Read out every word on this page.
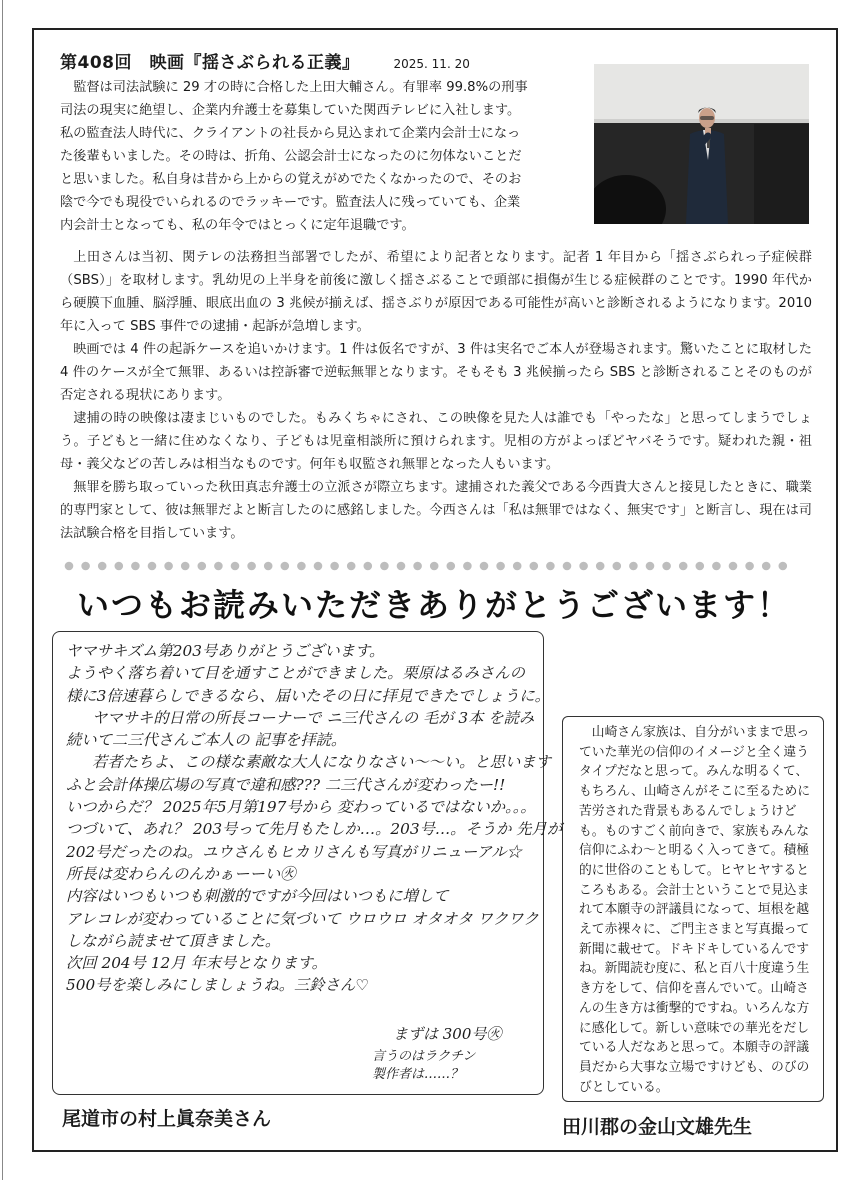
第408回　映画『揺さぶられる正義』	2025. 11. 20
監督は司法試験に 29 才の時に合格した上田大輔さん。有罪率 99.8%の刑事
司法の現実に絶望し、企業内弁護士を募集していた関西テレビに入社します。
私の監査法人時代に、クライアントの社長から見込まれて企業内会計士になっ
た後輩もいました。その時は、折角、公認会計士になったのに勿体ないことだ
と思いました。私自身は昔から上からの覚えがめでたくなかったので、そのお
陰で今でも現役でいられるのでラッキーです。監査法人に残っていても、企業
内会計士となっても、私の年令ではとっくに定年退職です。

上田さんは当初、関テレの法務担当部署でしたが、希望により記者となります。記者 1 年目から「揺さぶられっ子症候群（SBS）」を取材します。乳幼児の上半身を前後に激しく揺さぶることで頭部に損傷が生じる症候群のことです。1990 年代から硬膜下血腫、脳浮腫、眼底出血の 3 兆候が揃えば、揺さぶりが原因である可能性が高いと診断されるようになります。2010 年に入って SBS 事件での逮捕・起訴が急増します。

映画では 4 件の起訴ケースを追いかけます。1 件は仮名ですが、3 件は実名でご本人が登場されます。驚いたことに取材した 4 件のケースが全て無罪、あるいは控訴審で逆転無罪となります。そもそも 3 兆候揃ったら SBS と診断されることそのものが否定される現状にあります。

逮捕の時の映像は凄まじいものでした。もみくちゃにされ、この映像を見た人は誰でも「やったな」と思ってしまうでしょう。子どもと一緒に住めなくなり、子どもは児童相談所に預けられます。児相の方がよっぽどヤバそうです。疑われた親・祖母・義父などの苦しみは相当なものです。何年も収監され無罪となった人もいます。

無罪を勝ち取っていった秋田真志弁護士の立派さが際立ちます。逮捕された義父である今西貴大さんと接見したときに、職業的専門家として、彼は無罪だよと断言したのに感銘しました。今西さんは「私は無罪ではなく、無実です」と断言し、現在は司法試験合格を目指しています。

いつもお読みいただきありがとうございます！
ヤマサキズム第203号ありがとうございます。
ようやく落ち着いて目を通すことができました。栗原はるみさんの
様に3倍速暮らしできるなら、届いたその日に拝見できたでしょうに。
ヤマサキ的日常の所長コーナーで ニ三代さんの 毛が 3本 を読み
続いて二三代さんご本人の 記事を拝読。
若者たちよ、この様な素敵な大人になりなさい〜〜い。と思います
ふと会計体操広場の写真で違和感??? 二三代さんが変わったー!!
いつからだ？ 2025年5月第197号から 変わっているではないか。。。
つづいて、あれ？ 203号って先月もたしか…。203号…。そうか 先月が
202号だったのね。ユウさんもヒカリさんも写真がリニューアル☆
所長は変わらんのんかぁーーい㊋
内容はいつもいつも刺激的ですが今回はいつもに増して
アレコレが変わっていることに気づいて ウロウロ オタオタ ワクワク
しながら読ませて頂きました。
次回 204号 12月 年末号となります。
500号を楽しみにしましょうね。三鈴さん♡
まずは 300号㊋
言うのはラクチン
製作者は……？
尾道市の村上眞奈美さん

山崎さん家族は、自分がいままで思っていた華光の信仰のイメージと全く違うタイプだなと思って。みんな明るくて、もちろん、山崎さんがそこに至るために苦労された背景もあるんでしょうけども。ものすごく前向きで、家族もみんな信仰にふわ〜と明るく入ってきて。積極的に世俗のこともして。ヒヤヒヤするところもある。会計士ということで見込まれて本願寺の評議員になって、垣根を越えて赤裸々に、ご門主さまと写真撮って新聞に載せて。ドキドキしているんですね。新聞読む度に、私と百八十度違う生き方をして、信仰を喜んでいて。山崎さんの生き方は衝撃的ですね。いろんな方に感化して。新しい意味での華光をだしている人だなあと思って。本願寺の評議員だから大事な立場ですけども、のびのびとしている。

田川郡の金山文雄先生
